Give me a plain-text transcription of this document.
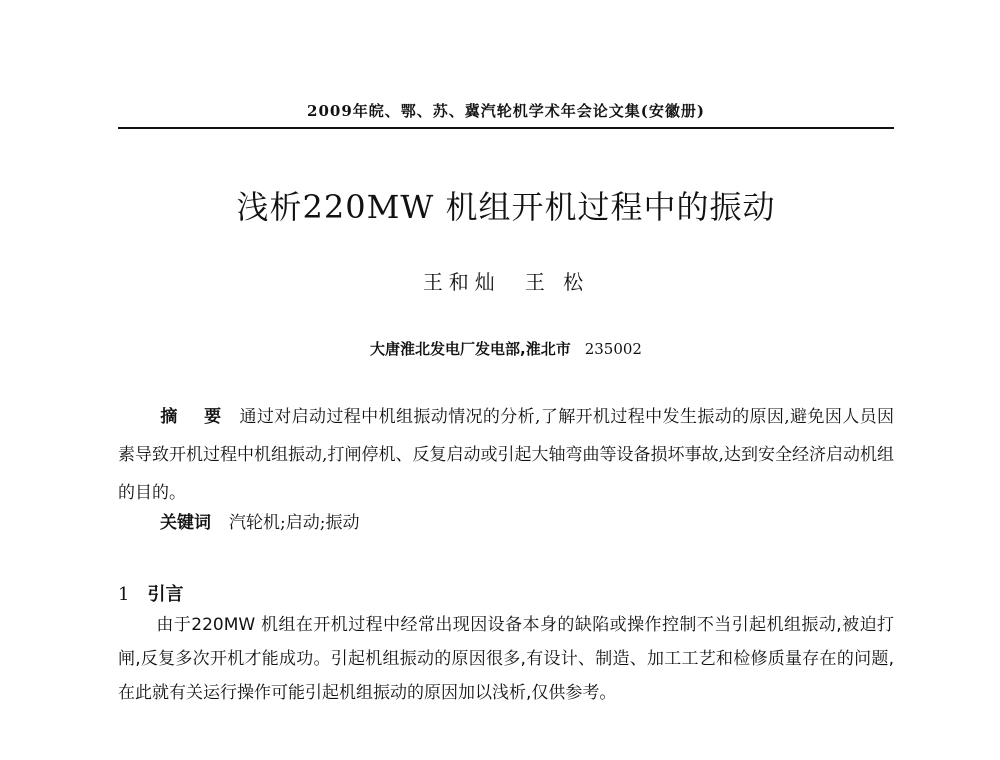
2009年皖、鄂、苏、冀汽轮机学术年会论文集(安徽册)
浅析220MW 机组开机过程中的振动
王和灿 王 松
大唐淮北发电厂发电部,淮北市 235002
摘 要 通过对启动过程中机组振动情况的分析,了解开机过程中发生振动的原因,避免因人员因素导致开机过程中机组振动,打闸停机、反复启动或引起大轴弯曲等设备损坏事故,达到安全经济启动机组的目的。
关键词 汽轮机;启动;振动
1 引言
由于220MW 机组在开机过程中经常出现因设备本身的缺陷或操作控制不当引起机组振动,被迫打闸,反复多次开机才能成功。引起机组振动的原因很多,有设计、制造、加工工艺和检修质量存在的问题,在此就有关运行操作可能引起机组振动的原因加以浅析,仅供参考。
